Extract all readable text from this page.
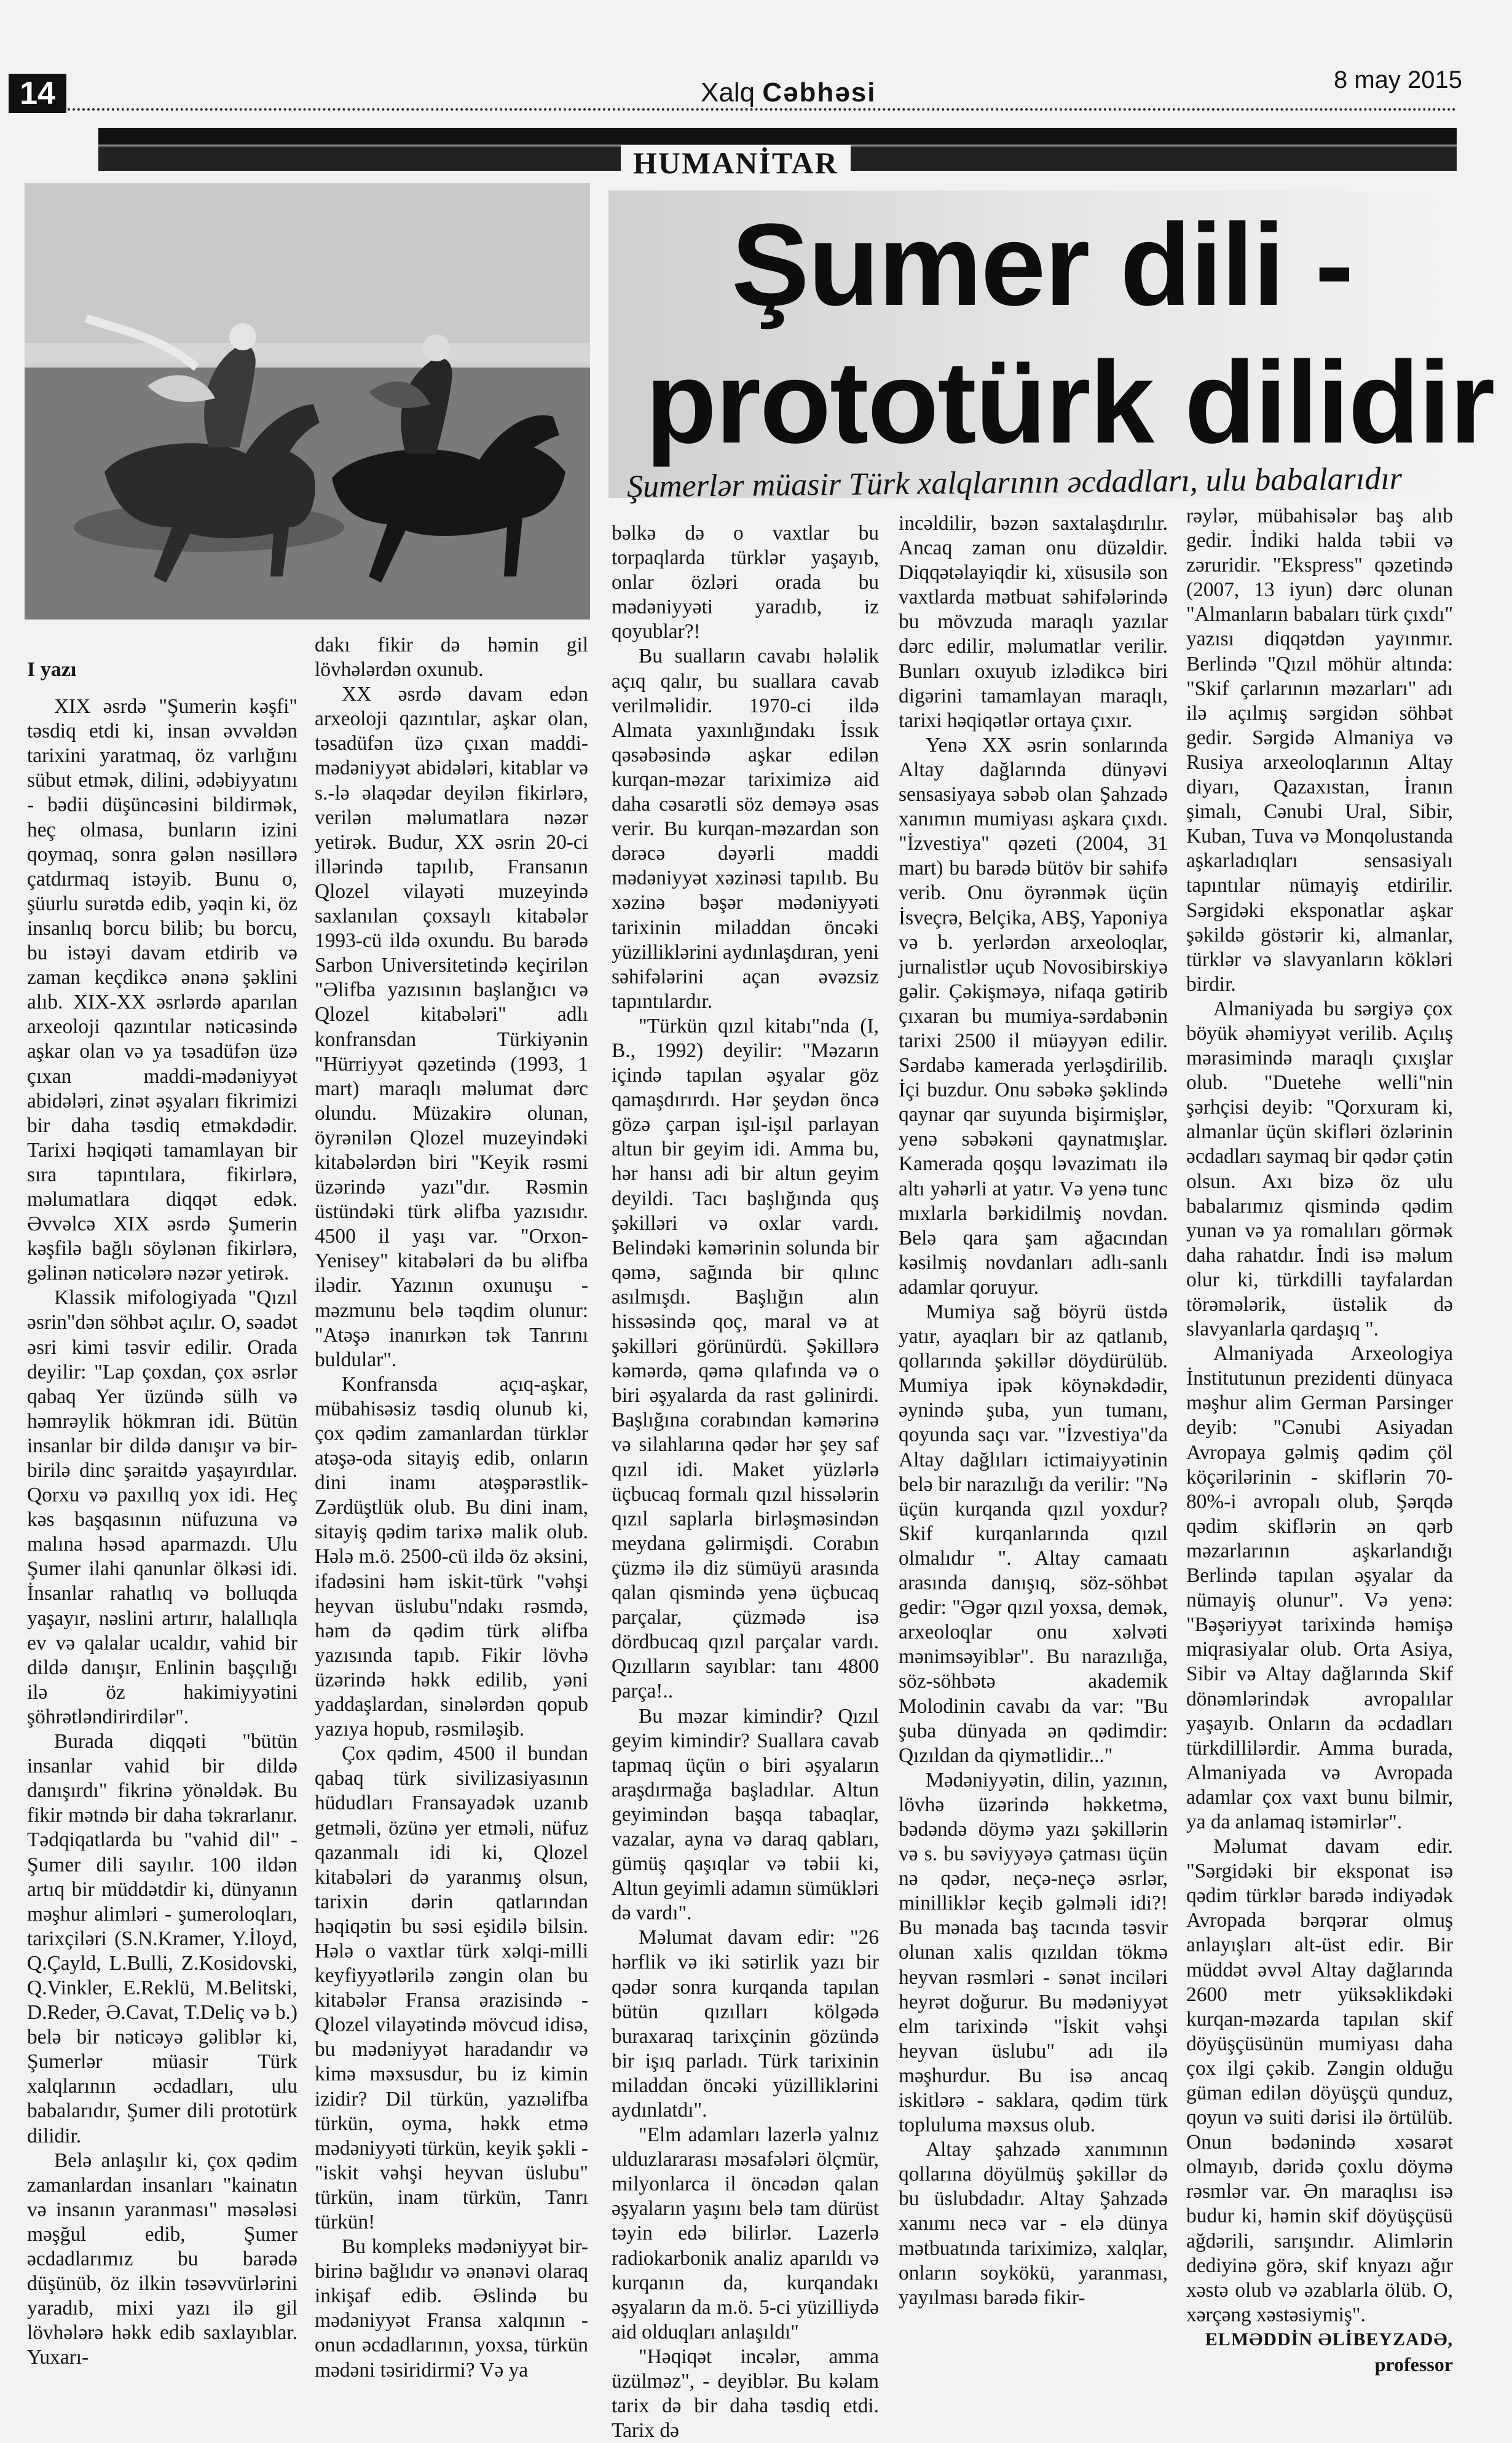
14	Xalq Cəbhəsi	8 may 2015
HUMANİTAR
Şumer dili -
prototürk dilidir
Şumerlər müasir Türk xalqlarının əcdadları, ulu babalarıdır

I yazı

XIX əsrdə "Şumerin kəşfi" təsdiq etdi ki, insan əvvəldən tarixini yaratmaq, öz varlığını sübut etmək, dilini, ədəbiyyatını - bədii düşüncəsini bildirmək, heç olmasa, bunların izini qoymaq, sonra gələn nəsillərə çatdırmaq istəyib. Bunu o, şüurlu surətdə edib, yəqin ki, öz insanlıq borcu bilib; bu borcu, bu istəyi davam etdirib və zaman keçdikcə ənənə şəklini alıb. XIX-XX əsrlərdə aparılan arxeoloji qazıntılar nəticəsində aşkar olan və ya təsadüfən üzə çıxan maddi-mədəniyyət abidələri, zinət əşyaları fikrimizi bir daha təsdiq etməkdədir. Tarixi həqiqəti tamamlayan bir sıra tapıntılara, fikirlərə, məlumatlara diqqət edək. Əvvəlcə XIX əsrdə Şumerin kəşfilə bağlı söylənən fikirlərə, gəlinən nəticələrə nəzər yetirək.

Klassik mifologiyada "Qızıl əsrin"dən söhbət açılır. O, səadət əsri kimi təsvir edilir. Orada deyilir: "Lap çoxdan, çox əsrlər qabaq Yer üzündə sülh və həmrəylik hökmran idi. Bütün insanlar bir dildə danışır və bir-birilə dinc şəraitdə yaşayırdılar. Qorxu və paxıllıq yox idi. Heç kəs başqasının nüfuzuna və malına həsəd aparmazdı. Ulu Şumer ilahi qanunlar ölkəsi idi. İnsanlar rahatlıq və bolluqda yaşayır, nəslini artırır, halallıqla ev və qalalar ucaldır, vahid bir dildə danışır, Enlinin başçılığı ilə öz hakimiyyətini şöhrətləndirirdilər".

Burada diqqəti "bütün insanlar vahid bir dildə danışırdı" fikrinə yönəldək. Bu fikir mətndə bir daha təkrarlanır. Tədqiqatlarda bu "vahid dil" - Şumer dili sayılır. 100 ildən artıq bir müddətdir ki, dünyanın məşhur alimləri - şumeroloqları, tarixçiləri (S.N.Kramer, Y.İloyd, Q.Çayld, L.Bulli, Z.Kosidovski, Q.Vinkler, E.Reklü, M.Belitski, D.Reder, Ə.Cavat, T.Deliç və b.) belə bir nəticəyə gəliblər ki, Şumerlər müasir Türk xalqlarının əcdadları, ulu babalarıdır, Şumer dili prototürk dilidir.

Belə anlaşılır ki, çox qədim zamanlardan insanları "kainatın və insanın yaranması" məsələsi məşğul edib, Şumer əcdadlarımız bu barədə düşünüb, öz ilkin təsəvvürlərini yaradıb, mixi yazı ilə gil lövhələrə həkk edib saxlayıblar. Yuxarı-

dakı fikir də həmin gil lövhələrdən oxunub.

XX əsrdə davam edən arxeoloji qazıntılar, aşkar olan, təsadüfən üzə çıxan maddi-mədəniyyət abidələri, kitablar və s.-lə əlaqədar deyilən fikirlərə, verilən məlumatlara nəzər yetirək. Budur, XX əsrin 20-ci illərində tapılıb, Fransanın Qlozel vilayəti muzeyində saxlanılan çoxsaylı kitabələr 1993-cü ildə oxundu. Bu barədə Sarbon Universitetində keçirilən "Əlifba yazısının başlanğıcı və Qlozel kitabələri" adlı konfransdan Türkiyənin "Hürriyyət qəzetində (1993, 1 mart) maraqlı məlumat dərc olundu. Müzakirə olunan, öyrənilən Qlozel muzeyindəki kitabələrdən biri "Keyik rəsmi üzərində yazı"dır. Rəsmin üstündəki türk əlifba yazısıdır. 4500 il yaşı var. "Orxon-Yenisey" kitabələri də bu əlifba ilədir. Yazının oxunuşu - məzmunu belə təqdim olunur: "Atəşə inanırkən tək Tanrını buldular".

Konfransda açıq-aşkar, mübahisəsiz təsdiq olunub ki, çox qədim zamanlardan türklər atəşə-oda sitayiş edib, onların dini inamı atəşpərəstlik-Zərdüştlük olub. Bu dini inam, sitayiş qədim tarixə malik olub. Hələ m.ö. 2500-cü ildə öz əksini, ifadəsini həm iskit-türk "vəhşi heyvan üslubu"ndakı rəsmdə, həm də qədim türk əlifba yazısında tapıb. Fikir lövhə üzərində həkk edilib, yəni yaddaşlardan, sinələrdən qopub yazıya hopub, rəsmiləşib.

Çox qədim, 4500 il bundan qabaq türk sivilizasiyasının hüdudları Fransayadək uzanıb getməli, özünə yer etməli, nüfuz qazanmalı idi ki, Qlozel kitabələri də yaranmış olsun, tarixin dərin qatlarından həqiqətin bu səsi eşidilə bilsin. Hələ o vaxtlar türk xəlqi-milli keyfiyyətlərilə zəngin olan bu kitabələr Fransa ərazisində - Qlozel vilayətində mövcud idisə, bu mədəniyyət haradandır və kimə məxsusdur, bu iz kimin izidir? Dil türkün, yazıəlifba türkün, oyma, həkk etmə mədəniyyəti türkün, keyik şəkli - "iskit vəhşi heyvan üslubu" türkün, inam türkün, Tanrı türkün!

Bu kompleks mədəniyyət bir-birinə bağlıdır və ənənəvi olaraq inkişaf edib. Əslində bu mədəniyyət Fransa xalqının - onun əcdadlarının, yoxsa, türkün mədəni təsiridirmi? Və ya

bəlkə də o vaxtlar bu torpaqlarda türklər yaşayıb, onlar özləri orada bu mədəniyyəti yaradıb, iz qoyublar?!

Bu sualların cavabı hələlik açıq qalır, bu suallara cavab verilməlidir. 1970-ci ildə Almata yaxınlığındakı İssık qəsəbəsində aşkar edilən kurqan-məzar tariximizə aid daha cəsarətli söz deməyə əsas verir. Bu kurqan-məzardan son dərəcə dəyərli maddi mədəniyyət xəzinəsi tapılıb. Bu xəzinə bəşər mədəniyyəti tarixinin miladdan öncəki yüzilliklərini aydınlaşdıran, yeni səhifələrini açan əvəzsiz tapıntılardır.

"Türkün qızıl kitabı"nda (I, B., 1992) deyilir: "Məzarın içində tapılan əşyalar göz qamaşdırırdı. Hər şeydən öncə gözə çarpan işıl-işıl parlayan altun bir geyim idi. Amma bu, hər hansı adi bir altun geyim deyildi. Tacı başlığında quş şəkilləri və oxlar vardı. Belindəki kəmərinin solunda bir qəmə, sağında bir qılınc asılmışdı. Başlığın alın hissəsində qoç, maral və at şəkilləri görünürdü. Şəkillərə kəmərdə, qəmə qılafında və o biri əşyalarda da rast gəlinirdi. Başlığına corabından kəmərinə və silahlarına qədər hər şey saf qızıl idi. Maket yüzlərlə üçbucaq formalı qızıl hissələrin qızıl saplarla birləşməsindən meydana gəlirmişdi. Corabın çüzmə ilə diz sümüyü arasında qalan qismində yenə üçbucaq parçalar, çüzmədə isə dördbucaq qızıl parçalar vardı. Qızılların sayıblar: tanı 4800 parça!..

Bu məzar kimindir? Qızıl geyim kimindir? Suallara cavab tapmaq üçün o biri əşyaların araşdırmağa başladılar. Altun geyimindən başqa tabaqlar, vazalar, ayna və daraq qabları, gümüş qaşıqlar və təbii ki, Altun geyimli adamın sümükləri də vardı".

Məlumat davam edir: "26 hərflik və iki sətirlik yazı bir qədər sonra kurqanda tapılan bütün qızılları kölgədə buraxaraq tarixçinin gözündə bir işıq parladı. Türk tarixinin miladdan öncəki yüzilliklərini aydınlatdı".

"Elm adamları lazerlə yalnız ulduzlararası məsafələri ölçmür, milyonlarca il öncədən qalan əşyaların yaşını belə tam dürüst təyin edə bilirlər. Lazerlə radiokarbonik analiz aparıldı və kurqanın da, kurqandakı əşyaların da m.ö. 5-ci yüzilliydə aid olduqları anlaşıldı"

"Həqiqət incələr, amma üzülməz", - deyiblər. Bu kəlam tarix də bir daha təsdiq etdi. Tarix də

incəldilir, bəzən saxtalaşdırılır. Ancaq zaman onu düzəldir. Diqqətəlayiqdir ki, xüsusilə son vaxtlarda mətbuat səhifələrində bu mövzuda maraqlı yazılar dərc edilir, məlumatlar verilir. Bunları oxuyub izlədikcə biri digərini tamamlayan maraqlı, tarixi həqiqətlər ortaya çıxır.

Yenə XX əsrin sonlarında Altay dağlarında dünyəvi sensasiyaya səbəb olan Şahzadə xanımın mumiyası aşkara çıxdı. "İzvestiya" qəzeti (2004, 31 mart) bu barədə bütöv bir səhifə verib. Onu öyrənmək üçün İsveçrə, Belçika, ABŞ, Yaponiya və b. yerlərdən arxeoloqlar, jurnalistlər uçub Novosibirskiyə gəlir. Çəkişməyə, nifaqa gətirib çıxaran bu mumiya-sərdabənin tarixi 2500 il müəyyən edilir. Sərdabə kamerada yerləşdirilib. İçi buzdur. Onu səbəkə şəklində qaynar qar suyunda bişirmişlər, yenə səbəkəni qaynatmışlar. Kamerada qoşqu ləvazimatı ilə altı yəhərli at yatır. Və yenə tunc mıxlarla bərkidilmiş novdan. Belə qara şam ağacından kəsilmiş novdanları adlı-sanlı adamlar qoruyur.

Mumiya sağ böyrü üstdə yatır, ayaqları bir az qatlanıb, qollarında şəkillər döydürülüb. Mumiya ipək köynəkdədir, əynində şuba, yun tumanı, qoyunda saçı var. "İzvestiya"da Altay dağlıları ictimaiyyətinin belə bir narazılığı da verilir: "Nə üçün kurqanda qızıl yoxdur? Skif kurqanlarında qızıl olmalıdır ". Altay camaatı arasında danışıq, söz-söhbət gedir: "Əgər qızıl yoxsa, demək, arxeoloqlar onu xəlvəti mənimsəyiblər". Bu narazılığa, söz-söhbətə akademik Molodinin cavabı da var: "Bu şuba dünyada ən qədimdir: Qızıldan da qiymətlidir..."

Mədəniyyətin, dilin, yazının, lövhə üzərində həkketmə, bədəndə döymə yazı şəkillərin və s. bu səviyyəyə çatması üçün nə qədər, neçə-neçə əsrlər, minilliklər keçib gəlməli idi?! Bu mənada baş tacında təsvir olunan xalis qızıldan tökmə heyvan rəsmləri - sənət inciləri heyrət doğurur. Bu mədəniyyət elm tarixində "İskit vəhşi heyvan üslubu" adı ilə məşhurdur. Bu isə ancaq iskitlərə - saklara, qədim türk topluluma məxsus olub.

Altay şahzadə xanımının qollarına döyülmüş şəkillər də bu üslubdadır. Altay Şahzadə xanımı necə var - elə dünya mətbuatında tariximizə, xalqlar, onların soykökü, yaranması, yayılması barədə fikir-

rəylər, mübahisələr baş alıb gedir. İndiki halda təbii və zəruridir. "Ekspress" qəzetində (2007, 13 iyun) dərc olunan "Almanların babaları türk çıxdı" yazısı diqqətdən yayınmır. Berlində "Qızıl möhür altında: "Skif çarlarının məzarları" adı ilə açılmış sərgidən söhbət gedir. Sərgidə Almaniya və Rusiya arxeoloqlarının Altay diyarı, Qazaxıstan, İranın şimalı, Cənubi Ural, Sibir, Kuban, Tuva və Monqolustanda aşkarladıqları sensasiyalı tapıntılar nümayiş etdirilir. Sərgidəki eksponatlar aşkar şəkildə göstərir ki, almanlar, türklər və slavyanların kökləri birdir.

Almaniyada bu sərgiyə çox böyük əhəmiyyət verilib. Açılış mərasimində maraqlı çıxışlar olub. "Duetehe welli"nin şərhçisi deyib: "Qorxuram ki, almanlar üçün skifləri özlərinin əcdadları saymaq bir qədər çətin olsun. Axı bizə öz ulu babalarımız qismində qədim yunan və ya romalıları görmək daha rahatdır. İndi isə məlum olur ki, türkdilli tayfalardan törəmələrik, üstəlik də slavyanlarla qardaşıq ".

Almaniyada Arxeologiya İnstitutunun prezidenti dünyaca məşhur alim German Parsinger deyib: "Cənubi Asiyadan Avropaya gəlmiş qədim çöl köçərilərinin - skiflərin 70-80%-i avropalı olub, Şərqdə qədim skiflərin ən qərb məzarlarının aşkarlandığı Berlində tapılan əşyalar da nümayiş olunur". Və yenə: "Bəşəriyyət tarixində həmişə miqrasiyalar olub. Orta Asiya, Sibir və Altay dağlarında Skif dönəmlərindək avropalılar yaşayıb. Onların da əcdadları türkdillilərdir. Amma burada, Almaniyada və Avropada adamlar çox vaxt bunu bilmir, ya da anlamaq istəmirlər".

Məlumat davam edir. "Sərgidəki bir eksponat isə qədim türklər barədə indiyədək Avropada bərqərar olmuş anlayışları alt-üst edir. Bir müddət əvvəl Altay dağlarında 2600 metr yüksəklikdəki kurqan-məzarda tapılan skif döyüşçüsünün mumiyası daha çox ilgi çəkib. Zəngin olduğu güman edilən döyüşçü qunduz, qoyun və suiti dərisi ilə örtülüb. Onun bədənində xəsarət olmayıb, dəridə çoxlu döymə rəsmlər var. Ən maraqlısı isə budur ki, həmin skif döyüşçüsü ağdərili, sarışındır. Alimlərin dediyinə görə, skif knyazı ağır xəstə olub və əzablarla ölüb. O, xərçəng xəstəsiymiş".

ELMƏDDİN ƏLİBEYZADƏ,

professor
